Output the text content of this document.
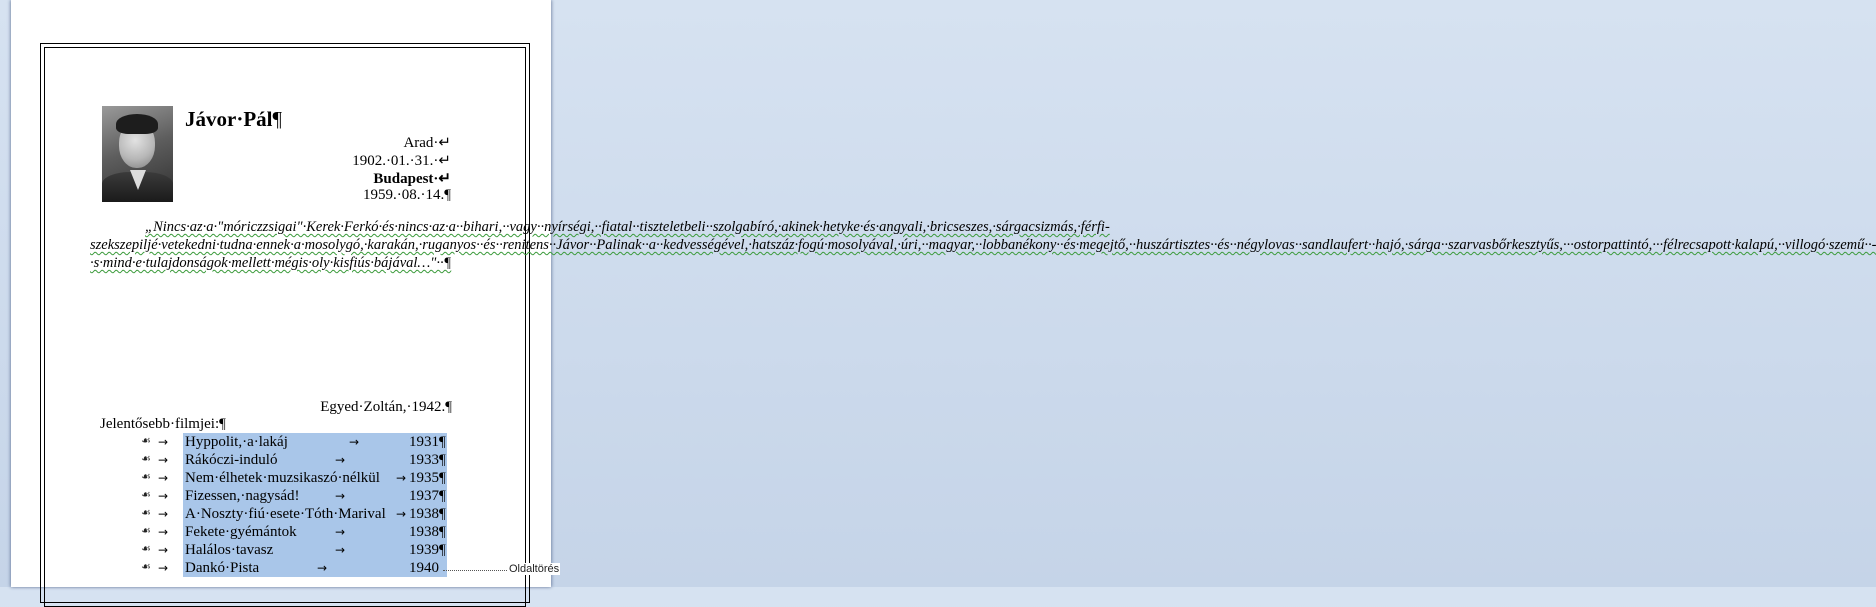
Jávor·Pál¶
Arad·↵
1902.·01.·31.·↵
Budapest·↵
1959.·08.·14.¶
„Nincs·az·a·"móriczzsigai"·Kerek·Ferkó·és·nincs·az·a··bihari,··vagy··nyírségi,··fiatal··tiszteletbeli··szolgabíró,·akinek·hetyke·és·angyali,·bricseszes,·sárgacsizmás,·férfi-szekszepiljé·vetekedni·tudna·ennek·a·mosolygó,·karakán,·ruganyos··és··renitens··Jávor··Palinak··a··kedvességével,·hatszáz·fogú·mosolyával,·úri,··magyar,··lobbanékony··és·megejtő,··huszártisztes··és··négylovas··sandlaufert··hajó,·sárga··szarvasbőrkesztyűs,···ostorpattintó,···félrecsapott·kalapú,··villogó·szemű··-·s·mind·e·tulajdonságok·mellett·mégis·oly·kisfiús·bájával…"··¶
Egyed·Zoltán,·1942.¶
Jelentősebb·filmjei:¶
☙ → Hyppolit,·a·lakáj	→	1931¶
☙ → Rákóczi-induló	→	1933¶
☙ → Nem·élhetek·muzsikaszó·nélkül → 1935¶
☙ → Fizessen,·nagysád!	→	1937¶
☙ → A·Noszty·fiú·esete·Tóth·Marival → 1938¶
☙ → Fekete·gyémántok	→	1938¶
☙ → Halálos·tavasz	→	1939¶
☙ → Dankó·Pista	→	1940	Oldaltörés
